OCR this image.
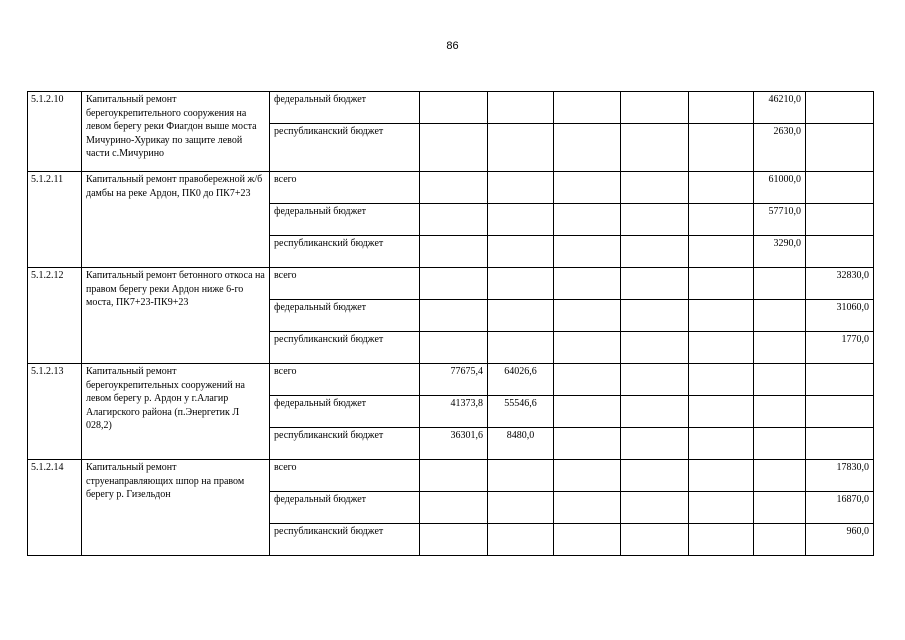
86
5.1.2.10	Капитальный ремонт берегоукрепительного сооружения на левом берегу реки Фиагдон выше моста Мичурино-Хурикау по защите левой части с.Мичурино	федеральный бюджет						46210,0	
		республиканский бюджет						2630,0	
5.1.2.11	Капитальный ремонт правобережной ж/б дамбы на реке Ардон, ПК0 до ПК7+23	всего						61000,0	
		федеральный бюджет						57710,0	
		республиканский бюджет						3290,0	
5.1.2.12	Капитальный ремонт бетонного откоса на правом берегу реки Ардон ниже 6-го моста, ПК7+23-ПК9+23	всего							32830,0
		федеральный бюджет							31060,0
		республиканский бюджет							1770,0
5.1.2.13	Капитальный ремонт берегоукрепительных сооружений на левом берегу р. Ардон у г.Алагир Алагирского района (п.Энергетик Л 028,2)	всего	77675,4	64026,6					
		федеральный бюджет	41373,8	55546,6					
		республиканский бюджет	36301,6	8480,0					
5.1.2.14	Капитальный ремонт струенаправляющих шпор на правом берегу р. Гизельдон	всего							17830,0
		федеральный бюджет							16870,0
		республиканский бюджет							960,0
